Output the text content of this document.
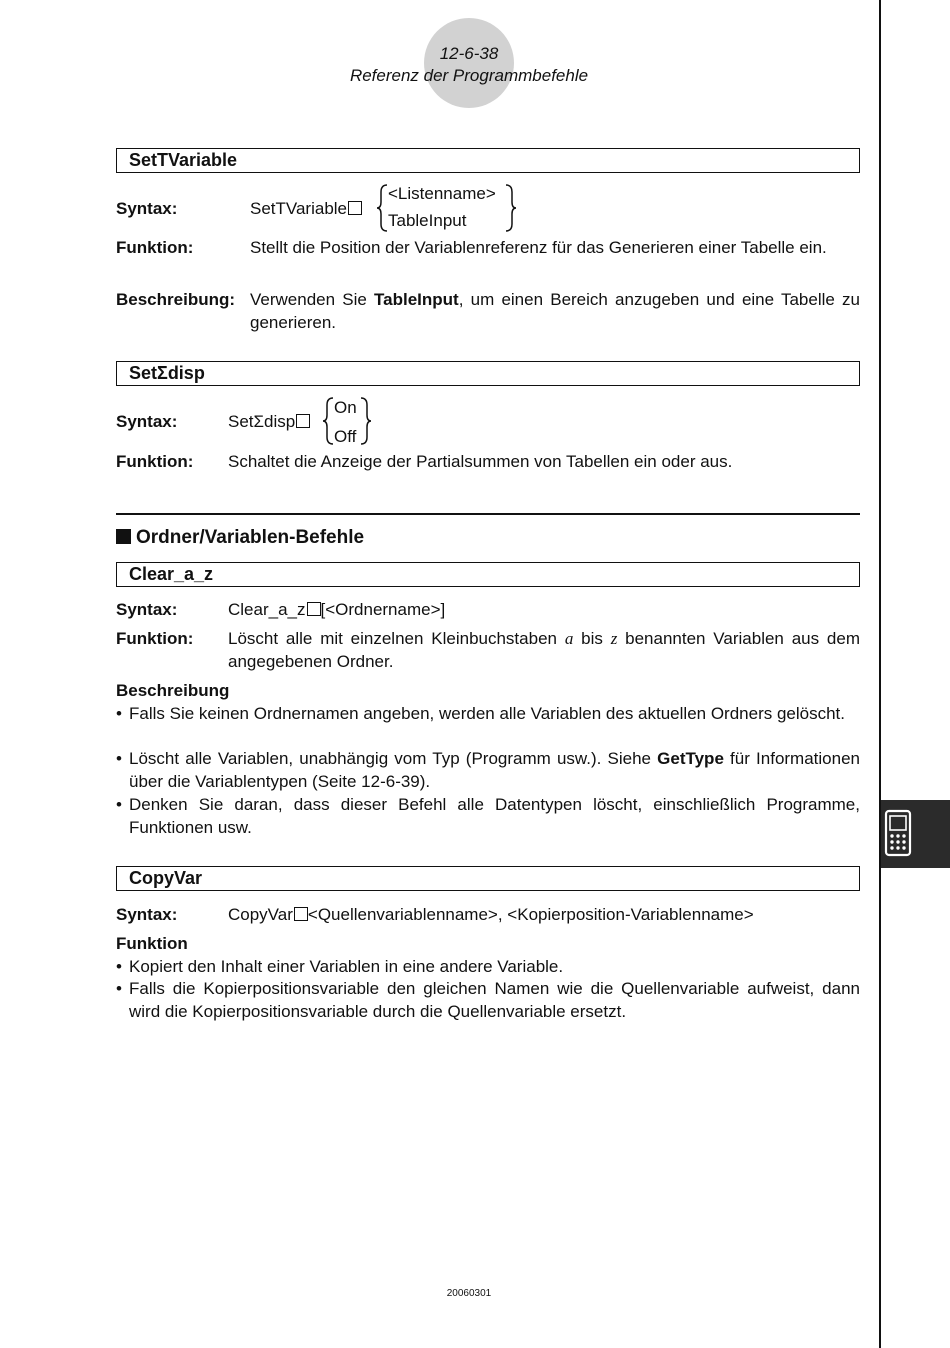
12-6-38
Referenz der Programmbefehle
SetTVariable
Syntax:	SetTVariable
<Listenname>
TableInput
Funktion:	Stellt die Position der Variablenreferenz für das Generieren einer Tabelle ein.
Beschreibung: Verwenden Sie TableInput, um einen Bereich anzugeben und eine Tabelle zu generieren.
SetΣdisp
Syntax:	SetΣdisp
On
Off
Funktion: Schaltet die Anzeige der Partialsummen von Tabellen ein oder aus.
Ordner/Variablen-Befehle
Clear_a_z
Syntax:	Clear_a_z [<Ordnername>]
Funktion: Löscht alle mit einzelnen Kleinbuchstaben a bis z benannten Variablen aus dem angegebenen Ordner.
Beschreibung
• Falls Sie keinen Ordnernamen angeben, werden alle Variablen des aktuellen Ordners gelöscht.
• Löscht alle Variablen, unabhängig vom Typ (Programm usw.). Siehe GetType für Informationen über die Variablentypen (Seite 12-6-39).
• Denken Sie daran, dass dieser Befehl alle Datentypen löscht, einschließlich Programme, Funktionen usw.
CopyVar
Syntax:	CopyVar <Quellenvariablenname>, <Kopierposition-Variablenname>
Funktion
• Kopiert den Inhalt einer Variablen in eine andere Variable.
• Falls die Kopierpositionsvariable den gleichen Namen wie die Quellenvariable aufweist, dann wird die Kopierpositionsvariable durch die Quellenvariable ersetzt.
20060301
